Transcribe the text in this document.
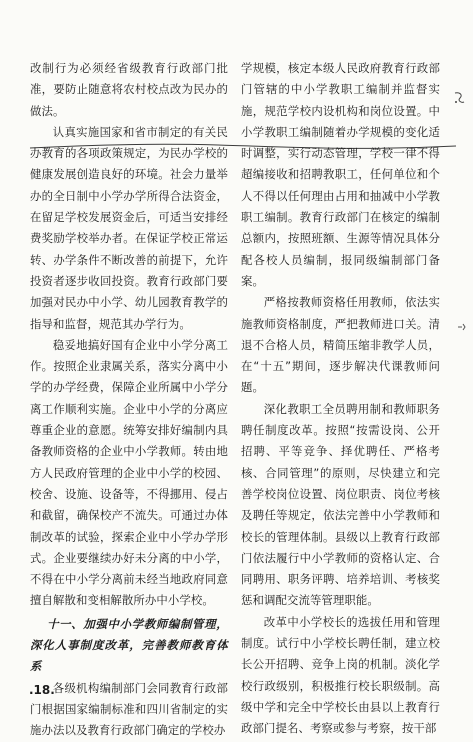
改制行为必须经省级教育行政部门批准，要防止随意将农村校点改为民办的做法。

认真实施国家和省市制定的有关民办教育的各项政策规定，为民办学校的健康发展创造良好的环境。社会力量举办的全日制中小学办学所得合法资金，在留足学校发展资金后，可适当安排经费奖励学校举办者。在保证学校正常运转、办学条件不断改善的前提下，允许投资者逐步收回投资。教育行政部门要加强对民办中小学、幼儿园教育教学的指导和监督，规范其办学行为。

稳妥地搞好国有企业中小学分离工作。按照企业隶属关系，落实分离中小学的办学经费，保障企业所属中小学分离工作顺利实施。企业中小学的分离应尊重企业的意愿。统筹安排好编制内具备教师资格的企业中小学教师。转由地方人民政府管理的企业中小学的校园、校舍、设施、设备等，不得挪用、侵占和截留，确保校产不流失。可通过办体制改革的试验，探索企业中小学办学形式。企业要继续办好未分离的中小学，不得在中小学分离前未经当地政府同意擅自解散和变相解散所办中小学校。

十一、加强中小学教师编制管理，深化人事制度改革，完善教师教育体系

各级机构编制部门会同教育行政部门根据国家编制标准和四川省制定的实施办法以及教育行政部门确定的学校办

学规模，核定本级人民政府教育行政部门管辖的中小学教职工编制并监督实施，规范学校内设机构和岗位设置。中小学教职工编制随着办学规模的变化适时调整，实行动态管理，学校一律不得超编接收和招聘教职工，任何单位和个人不得以任何理由占用和抽减中小学教职工编制。教育行政部门在核定的编制总额内，按照班额、生源等情况具体分配各校人员编制，报同级编制部门备案。

严格按教师资格任用教师，依法实施教师资格制度，严把教师进口关。清退不合格人员，精简压缩非教学人员，在“十五”期间，逐步解决代课教师问题。

深化教职工全员聘用制和教师职务聘任制度改革。按照“按需设岗、公开招聘、平等竞争、择优聘任、严格考核、合同管理”的原则，尽快建立和完善学校岗位设置、岗位职责、岗位考核及聘任等规定，依法完善中小学教师和校长的管理体制。县级以上教育行政部门依法履行中小学教师的资格认定、合同聘用、职务评聘、培养培训、考核奖惩和调配交流等管理职能。

改革中小学校长的选拔任用和管理制度。试行中小学校长聘任制，建立校长公开招聘、竞争上岗的机制。淡化学校行政级别，积极推行校长职级制。高级中学和完全中学校长由县以上教育行政部门提名、考察或参与考察，按干部

.18.
